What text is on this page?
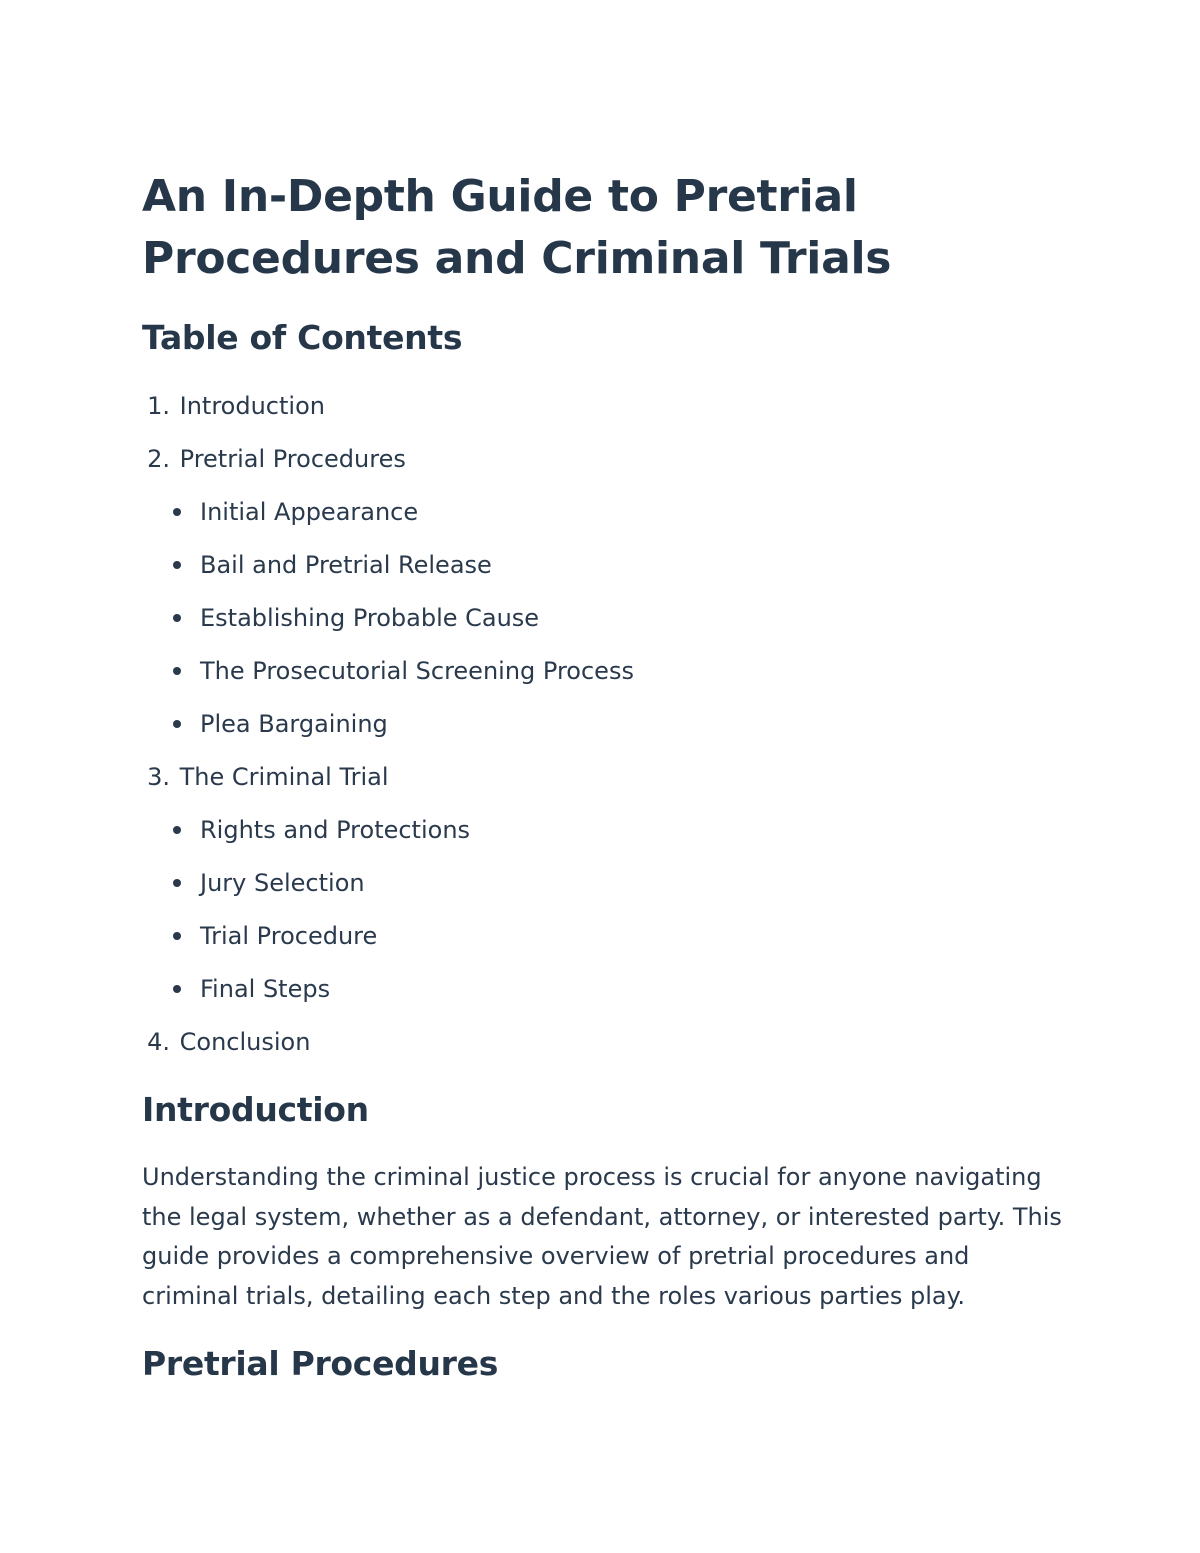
An In-Depth Guide to Pretrial Procedures and Criminal Trials
Table of Contents
1. Introduction
2. Pretrial Procedures
Initial Appearance
Bail and Pretrial Release
Establishing Probable Cause
The Prosecutorial Screening Process
Plea Bargaining
3. The Criminal Trial
Rights and Protections
Jury Selection
Trial Procedure
Final Steps
4. Conclusion
Introduction

Understanding the criminal justice process is crucial for anyone navigating the legal system, whether as a defendant, attorney, or interested party. This guide provides a comprehensive overview of pretrial procedures and criminal trials, detailing each step and the roles various parties play.

Pretrial Procedures
